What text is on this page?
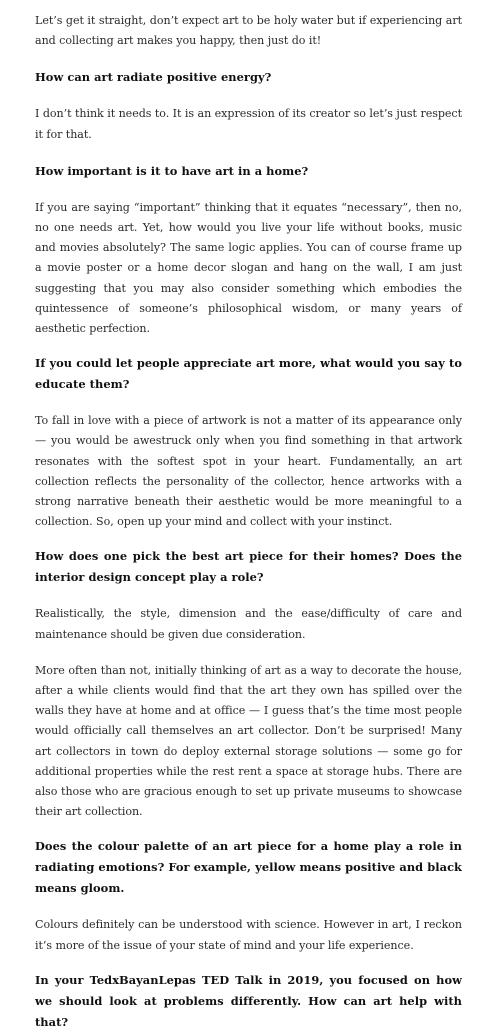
Let’s get it straight, don’t expect art to be holy water but if experiencing art and collecting art makes you happy, then just do it!

How can art radiate positive energy?

I don’t think it needs to. It is an expression of its creator so let’s just respect it for that.

How important is it to have art in a home?

If you are saying “important” thinking that it equates “necessary”, then no, no one needs art. Yet, how would you live your life without books, music and movies absolutely? The same logic applies. You can of course frame up a movie poster or a home decor slogan and hang on the wall, I am just suggesting that you may also consider something which embodies the quintessence of someone’s philosophical wisdom, or many years of aesthetic perfection.

If you could let people appreciate art more, what would you say to educate them?

To fall in love with a piece of artwork is not a matter of its appearance only — you would be awestruck only when you find something in that artwork resonates with the softest spot in your heart. Fundamentally, an art collection reflects the personality of the collector, hence artworks with a strong narrative beneath their aesthetic would be more meaningful to a collection. So, open up your mind and collect with your instinct.

How does one pick the best art piece for their homes? Does the interior design concept play a role?

Realistically, the style, dimension and the ease/difficulty of care and maintenance should be given due consideration.

More often than not, initially thinking of art as a way to decorate the house, after a while clients would find that the art they own has spilled over the walls they have at home and at office — I guess that’s the time most people would officially call themselves an art collector. Don’t be surprised! Many art collectors in town do deploy external storage solutions — some go for additional properties while the rest rent a space at storage hubs. There are also those who are gracious enough to set up private museums to showcase their art collection.

Does the colour palette of an art piece for a home play a role in radiating emotions? For example, yellow means positive and black means gloom.

Colours definitely can be understood with science. However in art, I reckon it’s more of the issue of your state of mind and your life experience.

In your TedxBayanLepas TED Talk in 2019, you focused on how we should look at problems differently. How can art help with that?
